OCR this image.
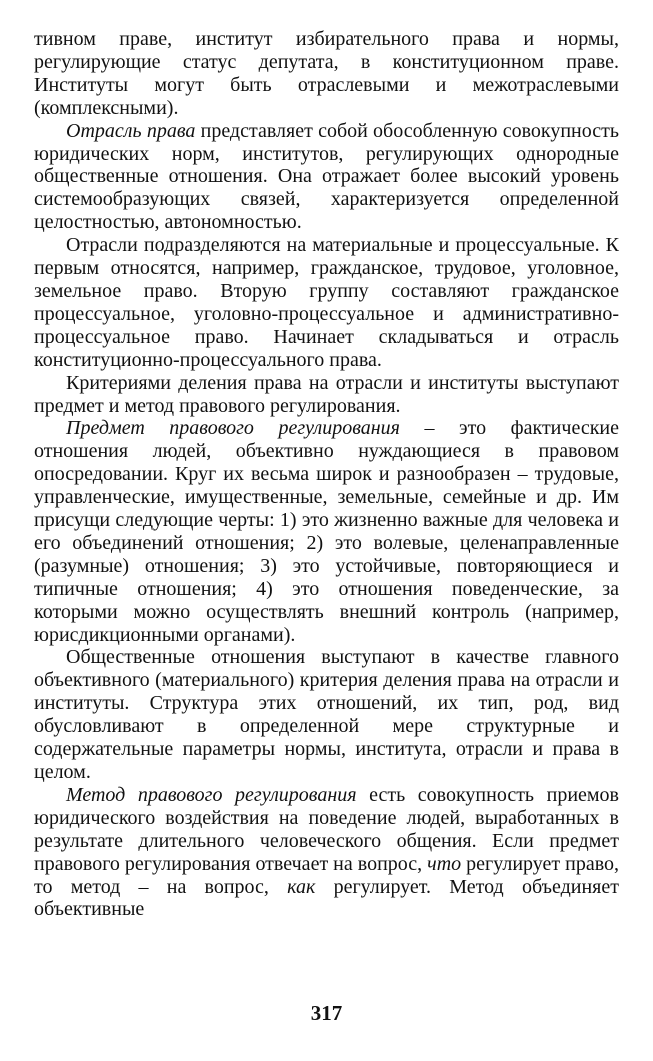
тивном праве, институт избирательного права и нормы, регулирующие статус депутата, в конституционном праве. Институты могут быть отраслевыми и межотраслевыми (комплексными).

Отрасль права представляет собой обособленную совокупность юридических норм, институтов, регулирующих однородные общественные отношения. Она отражает более высокий уровень системообразующих связей, характеризуется определенной целостностью, автономностью.

Отрасли подразделяются на материальные и процессуальные. К первым относятся, например, гражданское, трудовое, уголовное, земельное право. Вторую группу составляют гражданское процессуальное, уголовно-процессуальное и административно-процессуальное право. Начинает складываться и отрасль конституционно-процессуального права.

Критериями деления права на отрасли и институты выступают предмет и метод правового регулирования.

Предмет правового регулирования – это фактические отношения людей, объективно нуждающиеся в правовом опосредовании. Круг их весьма широк и разнообразен – трудовые, управленческие, имущественные, земельные, семейные и др. Им присущи следующие черты: 1) это жизненно важные для человека и его объединений отношения; 2) это волевые, целенаправленные (разумные) отношения; 3) это устойчивые, повторяющиеся и типичные отношения; 4) это отношения поведенческие, за которыми можно осуществлять внешний контроль (например, юрисдикционными органами).

Общественные отношения выступают в качестве главного объективного (материального) критерия деления права на отрасли и институты. Структура этих отношений, их тип, род, вид обусловливают в определенной мере структурные и содержательные параметры нормы, института, отрасли и права в целом.

Метод правового регулирования есть совокупность приемов юридического воздействия на поведение людей, выработанных в результате длительного человеческого общения. Если предмет правового регулирования отвечает на вопрос, что регулирует право, то метод – на вопрос, как регулирует. Метод объединяет объективные

317
